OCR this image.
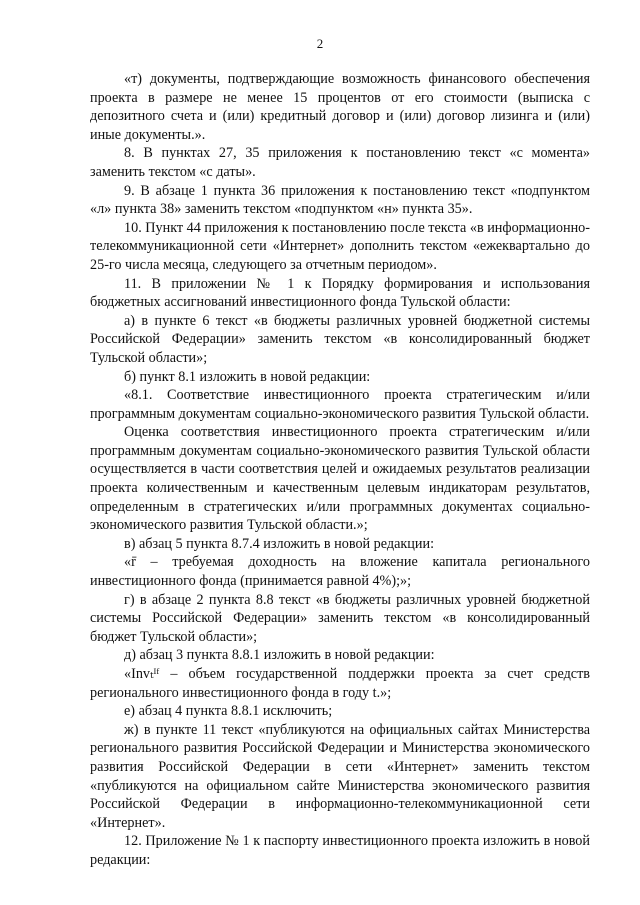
2

«т) документы, подтверждающие возможность финансового обеспечения проекта в размере не менее 15 процентов от его стоимости (выписка с депозитного счета и (или) кредитный договор и (или) договор лизинга и (или) иные документы.».

8. В пунктах 27, 35 приложения к постановлению текст «с момента» заменить текстом «с даты».

9. В абзаце 1 пункта 36 приложения к постановлению текст «подпунктом «л» пункта 38» заменить текстом «подпунктом «н» пункта 35».

10. Пункт 44 приложения к постановлению после текста «в информационно-телекоммуникационной сети «Интернет» дополнить текстом «ежеквартально до 25-го числа месяца, следующего за отчетным периодом».

11. В приложении № 1 к Порядку формирования и использования бюджетных ассигнований инвестиционного фонда Тульской области:

а) в пункте 6 текст «в бюджеты различных уровней бюджетной системы Российской Федерации» заменить текстом «в консолидированный бюджет Тульской области»;

б) пункт 8.1 изложить в новой редакции:

«8.1. Соответствие инвестиционного проекта стратегическим и/или программным документам социально-экономического развития Тульской области.

Оценка соответствия инвестиционного проекта стратегическим и/или программным документам социально-экономического развития Тульской области осуществляется в части соответствия целей и ожидаемых результатов реализации проекта количественным и качественным целевым индикаторам результатов, определенным в стратегических и/или программных документах социально-экономического развития Тульской области.»;

в) абзац 5 пункта 8.7.4 изложить в новой редакции:

«r̄ – требуемая доходность на вложение капитала регионального инвестиционного фонда (принимается равной 4%);»;

г) в абзаце 2 пункта 8.8 текст «в бюджеты различных уровней бюджетной системы Российской Федерации» заменить текстом «в консолидированный бюджет Тульской области»;

д) абзац 3 пункта 8.8.1 изложить в новой редакции:

«Invₜᴵᶠ – объем государственной поддержки проекта за счет средств регионального инвестиционного фонда в году t.»;

е) абзац 4 пункта 8.8.1 исключить;

ж) в пункте 11 текст «публикуются на официальных сайтах Министерства регионального развития Российской Федерации и Министерства экономического развития Российской Федерации в сети «Интернет» заменить текстом «публикуются на официальном сайте Министерства экономического развития Российской Федерации в информационно-телекоммуникационной сети «Интернет».

12. Приложение № 1 к паспорту инвестиционного проекта изложить в новой редакции:
